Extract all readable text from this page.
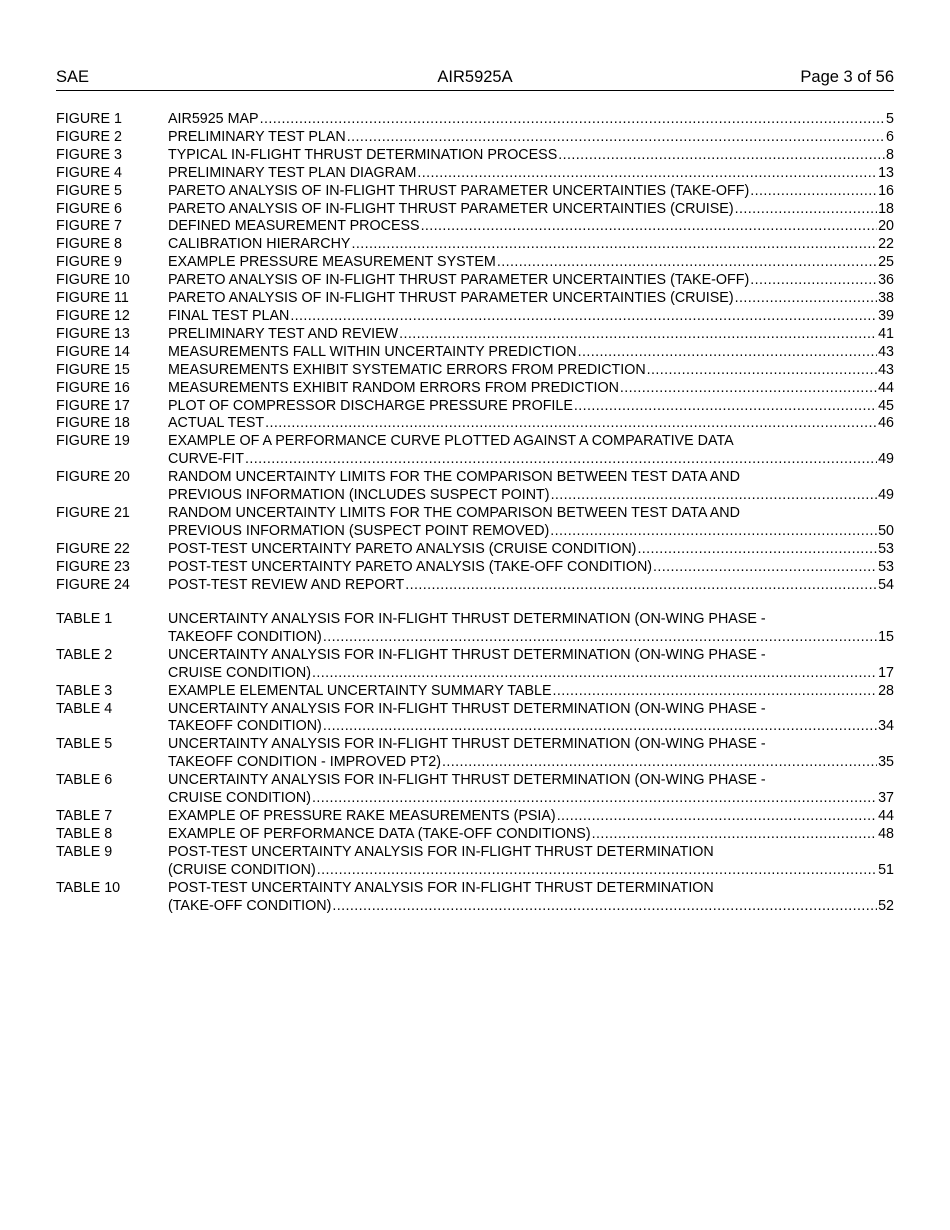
SAE	AIR5925A	Page 3 of 56
FIGURE 1	AIR5925 MAP .....	5
FIGURE 2	PRELIMINARY TEST PLAN .....	6
FIGURE 3	TYPICAL IN-FLIGHT THRUST DETERMINATION PROCESS .....	8
FIGURE 4	PRELIMINARY TEST PLAN DIAGRAM .....	13
FIGURE 5	PARETO ANALYSIS OF IN-FLIGHT THRUST PARAMETER UNCERTAINTIES (TAKE-OFF) .....	16
FIGURE 6	PARETO ANALYSIS OF IN-FLIGHT THRUST PARAMETER UNCERTAINTIES (CRUISE) .....	18
FIGURE 7	DEFINED MEASUREMENT PROCESS .....	20
FIGURE 8	CALIBRATION HIERARCHY .....	22
FIGURE 9	EXAMPLE PRESSURE MEASUREMENT SYSTEM .....	25
FIGURE 10	PARETO ANALYSIS OF IN-FLIGHT THRUST PARAMETER UNCERTAINTIES (TAKE-OFF) .....	36
FIGURE 11	PARETO ANALYSIS OF IN-FLIGHT THRUST PARAMETER UNCERTAINTIES (CRUISE) .....	38
FIGURE 12	FINAL TEST PLAN .....	39
FIGURE 13	PRELIMINARY TEST AND REVIEW .....	41
FIGURE 14	MEASUREMENTS FALL WITHIN UNCERTAINTY PREDICTION .....	43
FIGURE 15	MEASUREMENTS EXHIBIT SYSTEMATIC ERRORS FROM PREDICTION .....	43
FIGURE 16	MEASUREMENTS EXHIBIT RANDOM ERRORS FROM PREDICTION .....	44
FIGURE 17	PLOT OF COMPRESSOR DISCHARGE PRESSURE PROFILE .....	45
FIGURE 18	ACTUAL TEST .....	46
FIGURE 19	EXAMPLE OF A PERFORMANCE CURVE PLOTTED AGAINST A COMPARATIVE DATA
CURVE-FIT .....	49
FIGURE 20	RANDOM UNCERTAINTY LIMITS FOR THE COMPARISON BETWEEN TEST DATA AND
PREVIOUS INFORMATION (INCLUDES SUSPECT POINT) .....	49
FIGURE 21	RANDOM UNCERTAINTY LIMITS FOR THE COMPARISON BETWEEN TEST DATA AND
PREVIOUS INFORMATION (SUSPECT POINT REMOVED) .....	50
FIGURE 22	POST-TEST UNCERTAINTY PARETO ANALYSIS (CRUISE CONDITION) .....	53
FIGURE 23	POST-TEST UNCERTAINTY PARETO ANALYSIS (TAKE-OFF CONDITION) .....	53
FIGURE 24	POST-TEST REVIEW AND REPORT .....	54
TABLE 1	UNCERTAINTY ANALYSIS FOR IN-FLIGHT THRUST DETERMINATION (ON-WING PHASE -
TAKEOFF CONDITION) .....	15
TABLE 2	UNCERTAINTY ANALYSIS FOR IN-FLIGHT THRUST DETERMINATION (ON-WING PHASE -
CRUISE CONDITION) .....	17
TABLE 3	EXAMPLE ELEMENTAL UNCERTAINTY SUMMARY TABLE .....	28
TABLE 4	UNCERTAINTY ANALYSIS FOR IN-FLIGHT THRUST DETERMINATION (ON-WING PHASE -
TAKEOFF CONDITION) .....	34
TABLE 5	UNCERTAINTY ANALYSIS FOR IN-FLIGHT THRUST DETERMINATION (ON-WING PHASE -
TAKEOFF CONDITION - IMPROVED PT2) .....	35
TABLE 6	UNCERTAINTY ANALYSIS FOR IN-FLIGHT THRUST DETERMINATION (ON-WING PHASE -
CRUISE CONDITION) .....	37
TABLE 7	EXAMPLE OF PRESSURE RAKE MEASUREMENTS (PSIA) .....	44
TABLE 8	EXAMPLE OF PERFORMANCE DATA (TAKE-OFF CONDITIONS) .....	48
TABLE 9	POST-TEST UNCERTAINTY ANALYSIS FOR IN-FLIGHT THRUST DETERMINATION
(CRUISE CONDITION) .....	51
TABLE 10	POST-TEST UNCERTAINTY ANALYSIS FOR IN-FLIGHT THRUST DETERMINATION
(TAKE-OFF CONDITION) .....	52
